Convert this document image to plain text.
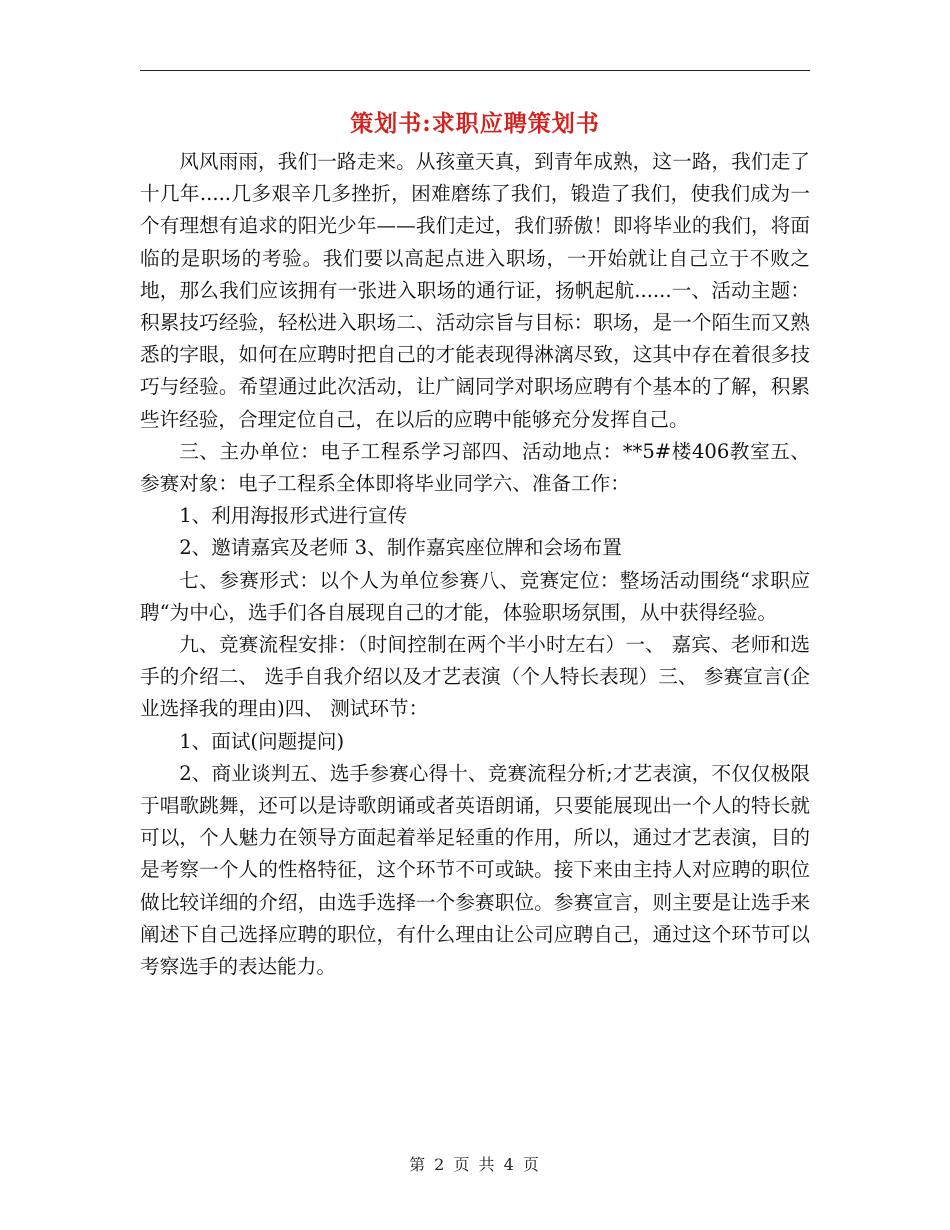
策划书:求职应聘策划书

风风雨雨，我们一路走来。从孩童天真，到青年成熟，这一路，我们走了十几年.....几多艰辛几多挫折，困难磨练了我们，锻造了我们，使我们成为一个有理想有追求的阳光少年——我们走过，我们骄傲！即将毕业的我们，将面临的是职场的考验。我们要以高起点进入职场，一开始就让自己立于不败之地，那么我们应该拥有一张进入职场的通行证，扬帆起航......一、活动主题：积累技巧经验，轻松进入职场二、活动宗旨与目标：职场，是一个陌生而又熟悉的字眼，如何在应聘时把自己的才能表现得淋漓尽致，这其中存在着很多技巧与经验。希望通过此次活动，让广阔同学对职场应聘有个基本的了解，积累些许经验，合理定位自己，在以后的应聘中能够充分发挥自己。

三、主办单位：电子工程系学习部四、活动地点：**5#楼406教室五、参赛对象：电子工程系全体即将毕业同学六、准备工作：

1、利用海报形式进行宣传

2、邀请嘉宾及老师 3、制作嘉宾座位牌和会场布置

七、参赛形式：以个人为单位参赛八、竞赛定位：整场活动围绕“求职应聘“为中心，选手们各自展现自己的才能，体验职场氛围，从中获得经验。

九、竞赛流程安排：（时间控制在两个半小时左右）一、 嘉宾、老师和选手的介绍二、 选手自我介绍以及才艺表演（个人特长表现）三、 参赛宣言(企业选择我的理由)四、 测试环节：

1、面试(问题提问)

2、商业谈判五、选手参赛心得十、竞赛流程分析;才艺表演，不仅仅极限于唱歌跳舞，还可以是诗歌朗诵或者英语朗诵，只要能展现出一个人的特长就可以，个人魅力在领导方面起着举足轻重的作用，所以，通过才艺表演，目的是考察一个人的性格特征，这个环节不可或缺。接下来由主持人对应聘的职位做比较详细的介绍，由选手选择一个参赛职位。参赛宣言，则主要是让选手来阐述下自己选择应聘的职位，有什么理由让公司应聘自己，通过这个环节可以考察选手的表达能力。

第 2 页 共 4 页
